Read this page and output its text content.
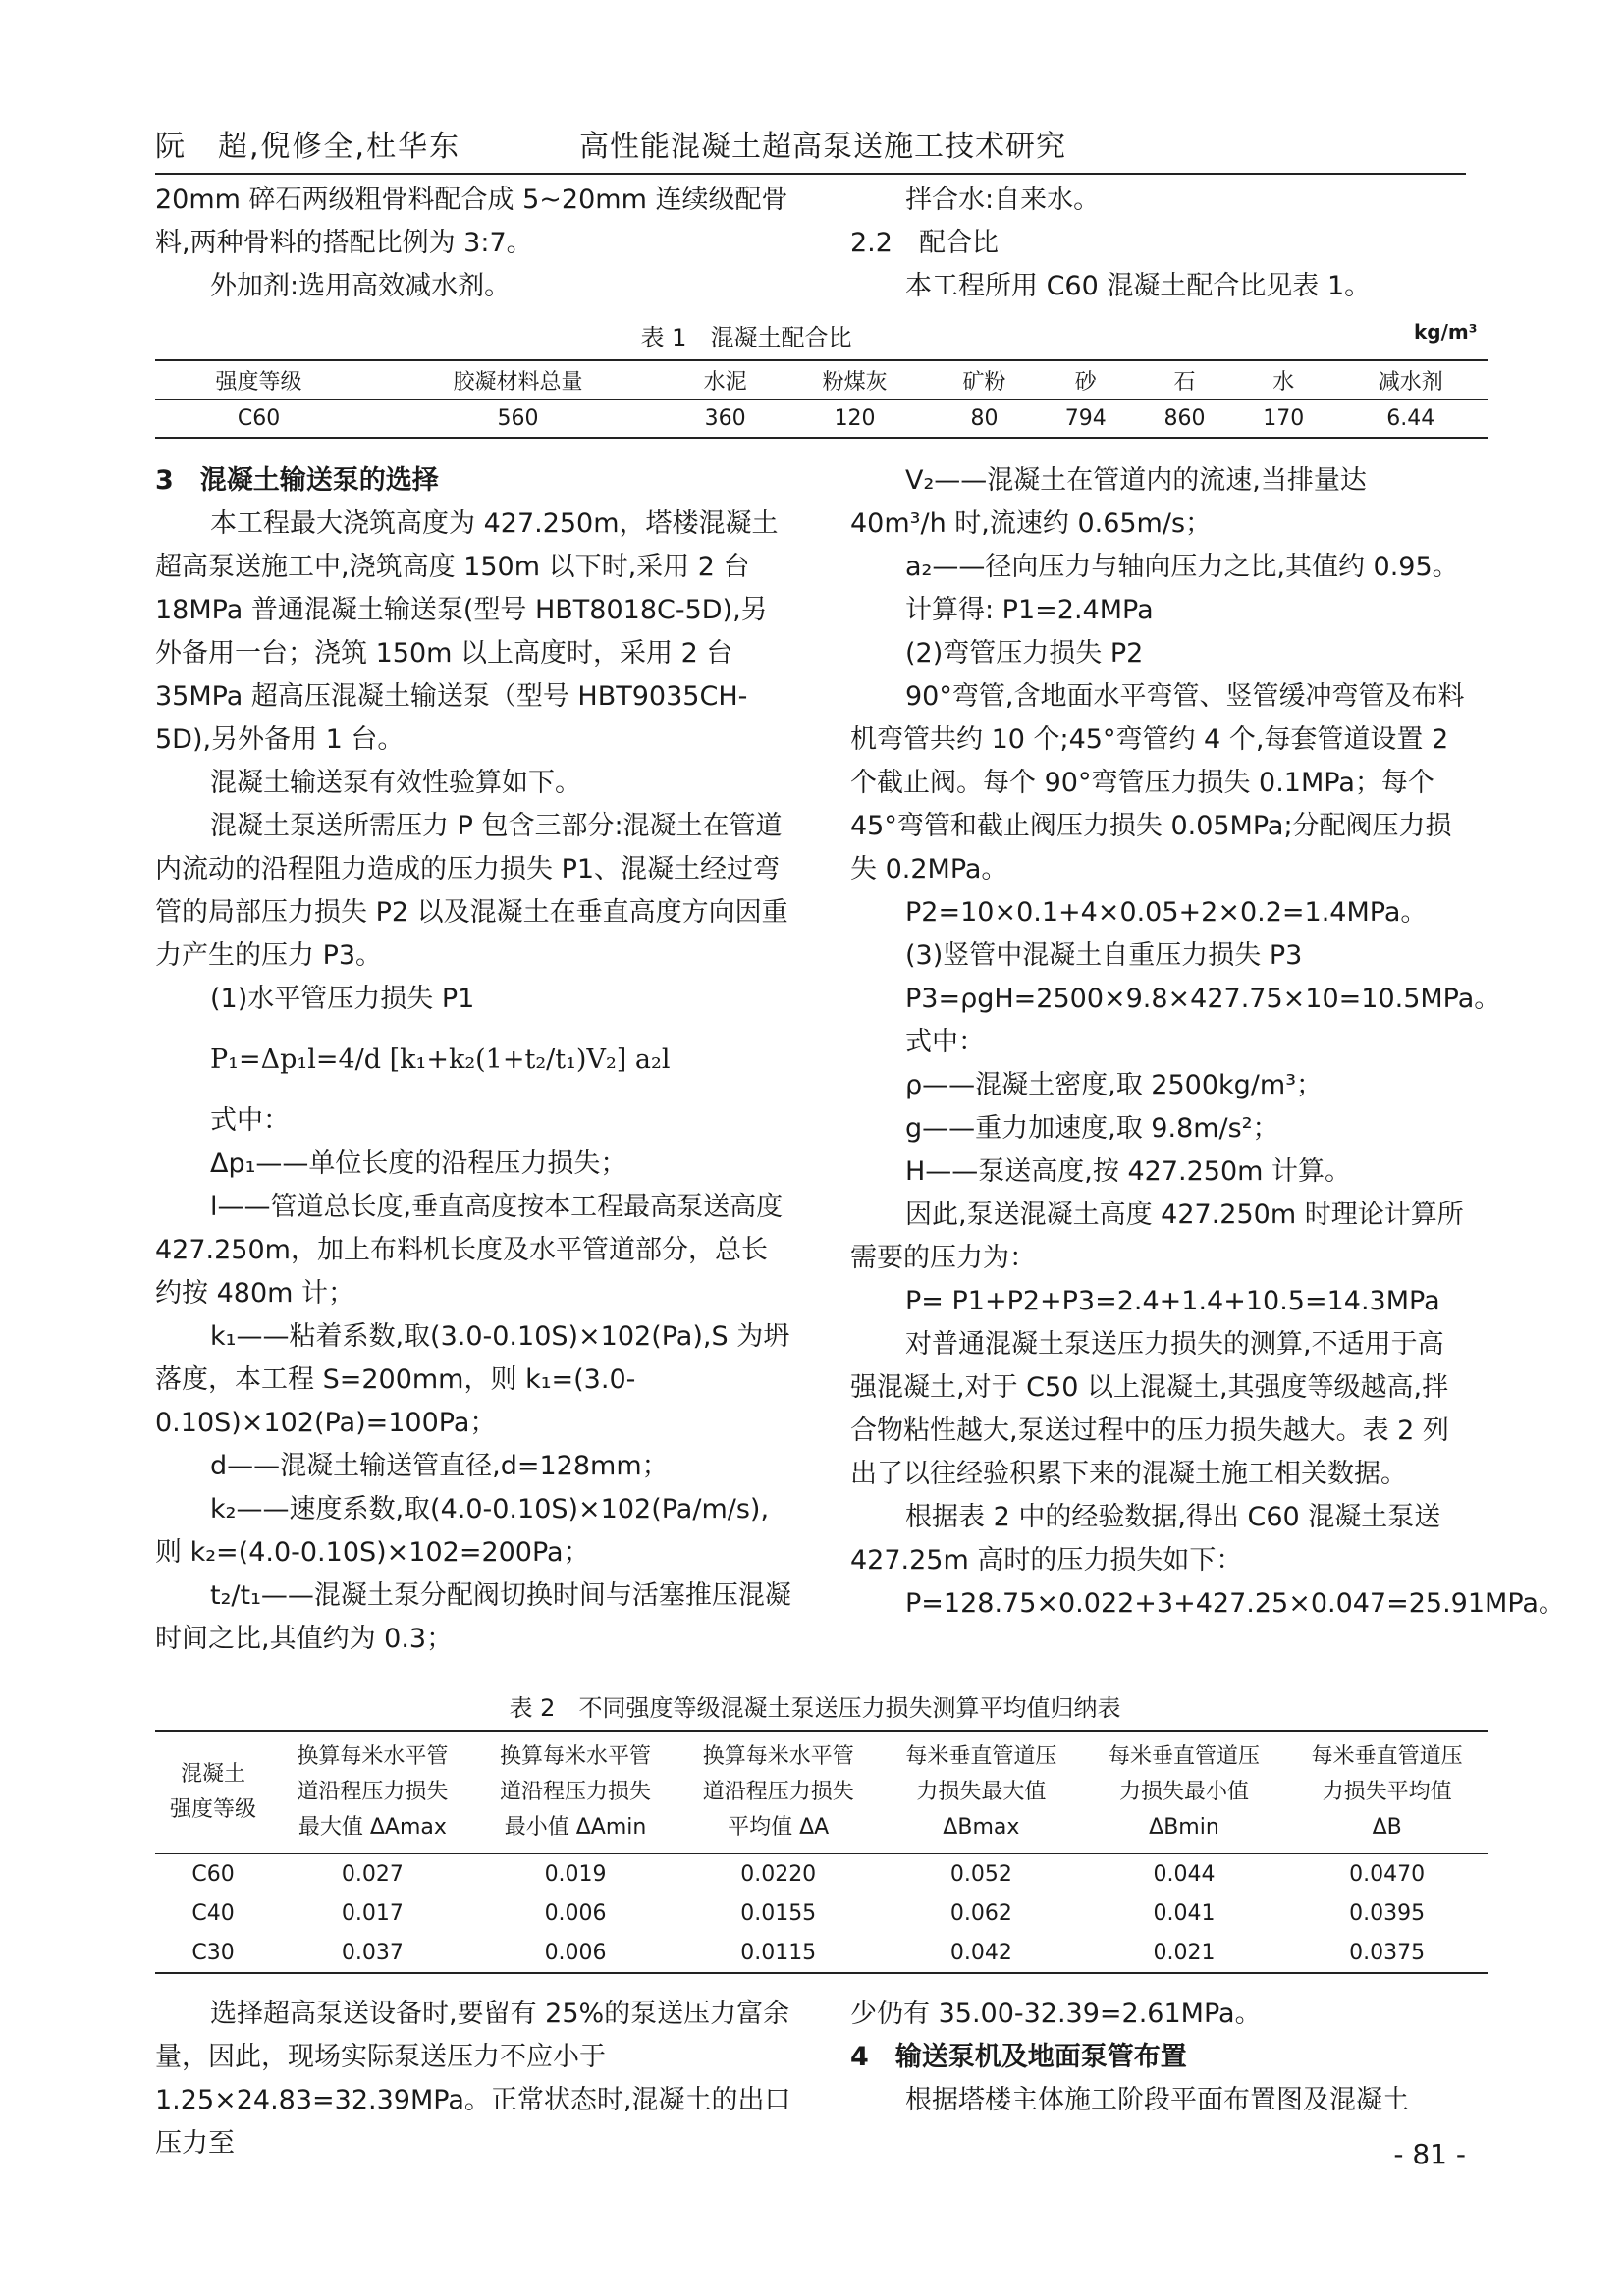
阮　超,倪修全,杜华东	高性能混凝土超高泵送施工技术研究

20mm 碎石两级粗骨料配合成 5~20mm 连续级配骨料,两种骨料的搭配比例为 3:7。

外加剂:选用高效减水剂。

拌合水:自来水。

2.2　配合比

本工程所用 C60 混凝土配合比见表 1。

表 1　混凝土配合比	kg/m³
强度等级	胶凝材料总量	水泥	粉煤灰	矿粉	砂	石	水	减水剂
C60	560	360	120	80	794	860	170	6.44

3　混凝土输送泵的选择

本工程最大浇筑高度为 427.250m，塔楼混凝土超高泵送施工中,浇筑高度 150m 以下时,采用 2 台 18MPa 普通混凝土输送泵(型号 HBT8018C-5D),另外备用一台；浇筑 150m 以上高度时，采用 2 台 35MPa 超高压混凝土输送泵（型号 HBT9035CH-5D),另外备用 1 台。

混凝土输送泵有效性验算如下。

混凝土泵送所需压力 P 包含三部分:混凝土在管道内流动的沿程阻力造成的压力损失 P1、混凝土经过弯管的局部压力损失 P2 以及混凝土在垂直高度方向因重力产生的压力 P3。

(1)水平管压力损失 P1

P₁=Δp₁l=4/d [k₁+k₂(1+t₂/t₁)V₂] a₂l

式中：

Δp₁——单位长度的沿程压力损失；

l——管道总长度,垂直高度按本工程最高泵送高度 427.250m，加上布料机长度及水平管道部分，总长约按 480m 计；

k₁——粘着系数,取(3.0-0.10S)×102(Pa),S 为坍落度，本工程 S=200mm，则 k₁=(3.0-0.10S)×102(Pa)=100Pa；

d——混凝土输送管直径,d=128mm；

k₂——速度系数,取(4.0-0.10S)×102(Pa/m/s),则 k₂=(4.0-0.10S)×102=200Pa；

t₂/t₁——混凝土泵分配阀切换时间与活塞推压混凝时间之比,其值约为 0.3；

V₂——混凝土在管道内的流速,当排量达 40m³/h 时,流速约 0.65m/s；

a₂——径向压力与轴向压力之比,其值约 0.95。

计算得: P1=2.4MPa

(2)弯管压力损失 P2

90°弯管,含地面水平弯管、竖管缓冲弯管及布料机弯管共约 10 个;45°弯管约 4 个,每套管道设置 2 个截止阀。每个 90°弯管压力损失 0.1MPa；每个 45°弯管和截止阀压力损失 0.05MPa;分配阀压力损失 0.2MPa。

P2=10×0.1+4×0.05+2×0.2=1.4MPa。

(3)竖管中混凝土自重压力损失 P3

P3=ρgH=2500×9.8×427.75×10=10.5MPa。

式中：

ρ——混凝土密度,取 2500kg/m³；

g——重力加速度,取 9.8m/s²；

H——泵送高度,按 427.250m 计算。

因此,泵送混凝土高度 427.250m 时理论计算所需要的压力为：

P= P1+P2+P3=2.4+1.4+10.5=14.3MPa

对普通混凝土泵送压力损失的测算,不适用于高强混凝土,对于 C50 以上混凝土,其强度等级越高,拌合物粘性越大,泵送过程中的压力损失越大。表 2 列出了以往经验积累下来的混凝土施工相关数据。

根据表 2 中的经验数据,得出 C60 混凝土泵送 427.25m 高时的压力损失如下：

P=128.75×0.022+3+427.25×0.047=25.91MPa。

表 2　不同强度等级混凝土泵送压力损失测算平均值归纳表
混凝土
强度等级	换算每米水平管
道沿程压力损失
最大值 ΔAmax	换算每米水平管
道沿程压力损失
最小值 ΔAmin	换算每米水平管
道沿程压力损失
平均值 ΔA	每米垂直管道压
力损失最大值
ΔBmax	每米垂直管道压
力损失最小值
ΔBmin	每米垂直管道压
力损失平均值
ΔB
C60	0.027	0.019	0.0220	0.052	0.044	0.0470
C40	0.017	0.006	0.0155	0.062	0.041	0.0395
C30	0.037	0.006	0.0115	0.042	0.021	0.0375

选择超高泵送设备时,要留有 25%的泵送压力富余量，因此，现场实际泵送压力不应小于 1.25×24.83=32.39MPa。正常状态时,混凝土的出口压力至

少仍有 35.00-32.39=2.61MPa。

4　输送泵机及地面泵管布置

根据塔楼主体施工阶段平面布置图及混凝土

- 81 -
